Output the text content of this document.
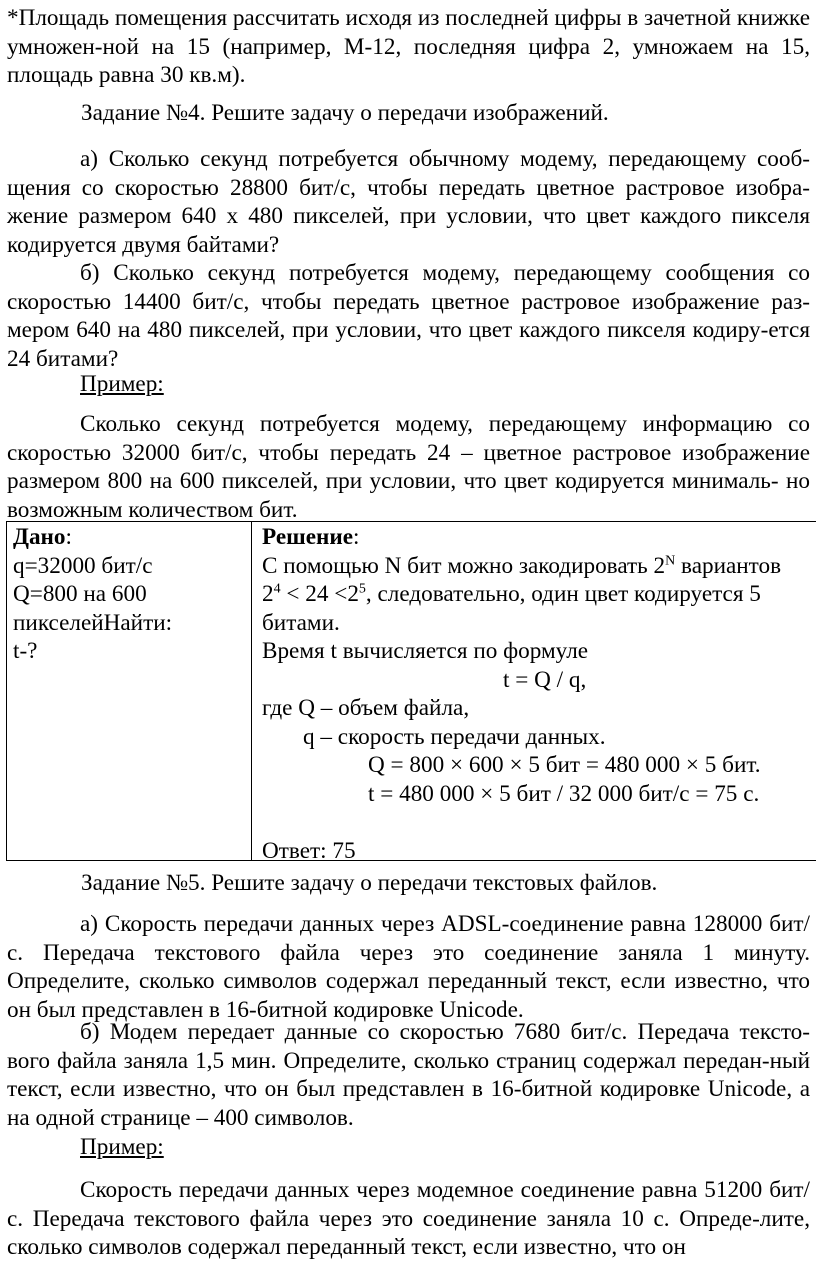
*Площадь помещения рассчитать исходя из последней цифры в зачетной книжке умножен-ной на 15 (например, М-12, последняя цифра 2, умножаем на 15, площадь равна 30 кв.м).

Задание №4. Решите задачу о передачи изображений.

а) Сколько секунд потребуется обычному модему, передающему сооб- щения со скоростью 28800 бит/с, чтобы передать цветное растровое изобра- жение размером 640 х 480 пикселей, при условии, что цвет каждого пикселя кодируется двумя байтами?

б) Сколько секунд потребуется модему, передающему сообщения со скоростью 14400 бит/с, чтобы передать цветное растровое изображение раз-мером 640 на 480 пикселей, при условии, что цвет каждого пикселя кодиру-ется 24 битами?

Пример:

Сколько секунд потребуется модему, передающему информацию со скоростью 32000 бит/с, чтобы передать 24 – цветное растровое изображение размером 800 на 600 пикселей, при условии, что цвет кодируется минималь- но возможным количеством бит.

Дано:
q=32000 бит/с
Q=800 на 600
пикселейНайти:
t-?
Решение:
С помощью N бит можно закодировать $2^N$ вариантов
$2^4 < 24 <2^5$, следовательно, один цвет кодируется 5
битами.
Время t вычисляется по формуле
t = Q / q,
где Q – объем файла,
q – скорость передачи данных.
Q = 800 × 600 × 5 бит = 480 000 × 5 бит.
t = 480 000 × 5 бит / 32 000 бит/с = 75 с.
Ответ: 75

Задание №5. Решите задачу о передачи текстовых файлов.

а) Скорость передачи данных через ADSL-соединение равна 128000 бит/с. Передача текстового файла через это соединение заняла 1 минуту. Определите, сколько символов содержал переданный текст, если известно, что он был представлен в 16-битной кодировке Unicode.

б) Модем передает данные со скоростью 7680 бит/с. Передача тексто-вого файла заняла 1,5 мин. Определите, сколько страниц содержал передан-ный текст, если известно, что он был представлен в 16-битной кодировке Unicode, а на одной странице – 400 символов.

Пример:

Скорость передачи данных через модемное соединение равна 51200 бит/с. Передача текстового файла через это соединение заняла 10 с. Опреде-лите, сколько символов содержал переданный текст, если известно, что он
